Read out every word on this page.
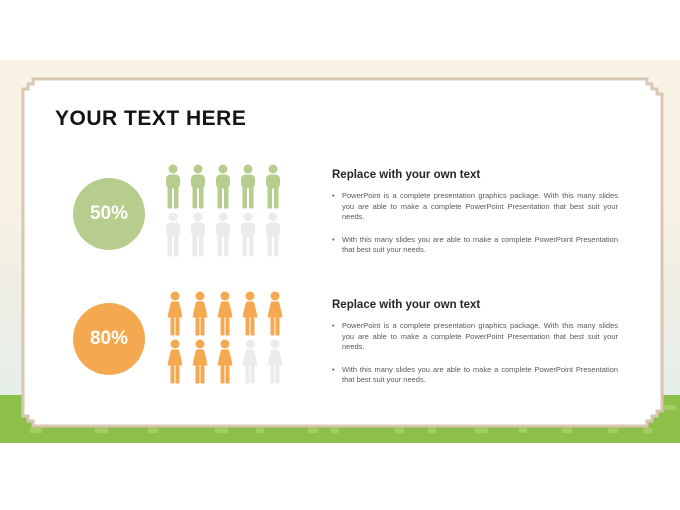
YOUR TEXT HERE
50%
Replace with your own text
• PowerPoint is a complete presentation graphics package. With this many slides you are able to make a complete PowerPoint Presentation that best suit your needs.
• With this many slides you are able to make a complete PowerPoint Presentation that best suit your needs.
80%
Replace with your own text
• PowerPoint is a complete presentation graphics package. With this many slides you are able to make a complete PowerPoint Presentation that best suit your needs.
• With this many slides you are able to make a complete PowerPoint Presentation that best suit your needs.
